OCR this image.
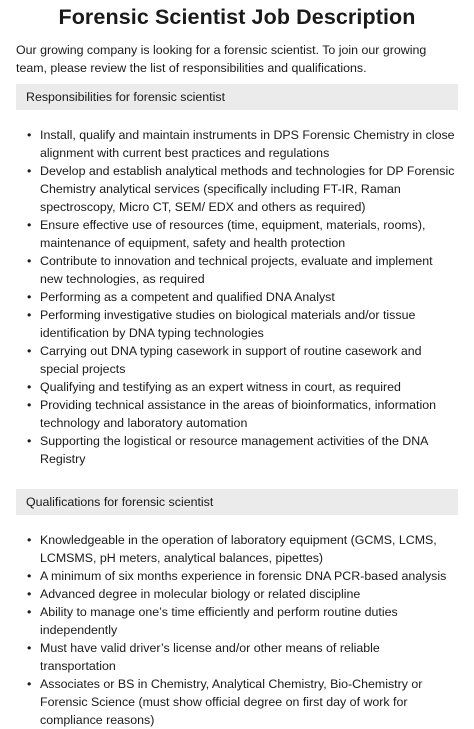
Forensic Scientist Job Description

Our growing company is looking for a forensic scientist. To join our growing team, please review the list of responsibilities and qualifications.

Responsibilities for forensic scientist
• Install, qualify and maintain instruments in DPS Forensic Chemistry in close alignment with current best practices and regulations
• Develop and establish analytical methods and technologies for DP Forensic Chemistry analytical services (specifically including FT-IR, Raman spectroscopy, Micro CT, SEM/ EDX and others as required)
• Ensure effective use of resources (time, equipment, materials, rooms), maintenance of equipment, safety and health protection
• Contribute to innovation and technical projects, evaluate and implement new technologies, as required
• Performing as a competent and qualified DNA Analyst
• Performing investigative studies on biological materials and/or tissue identification by DNA typing technologies
• Carrying out DNA typing casework in support of routine casework and special projects
• Qualifying and testifying as an expert witness in court, as required
• Providing technical assistance in the areas of bioinformatics, information technology and laboratory automation
• Supporting the logistical or resource management activities of the DNA Registry
Qualifications for forensic scientist
• Knowledgeable in the operation of laboratory equipment (GCMS, LCMS, LCMSMS, pH meters, analytical balances, pipettes)
• A minimum of six months experience in forensic DNA PCR-based analysis
• Advanced degree in molecular biology or related discipline
• Ability to manage one’s time efficiently and perform routine duties independently
• Must have valid driver’s license and/or other means of reliable transportation
• Associates or BS in Chemistry, Analytical Chemistry, Bio-Chemistry or Forensic Science (must show official degree on first day of work for compliance reasons)
